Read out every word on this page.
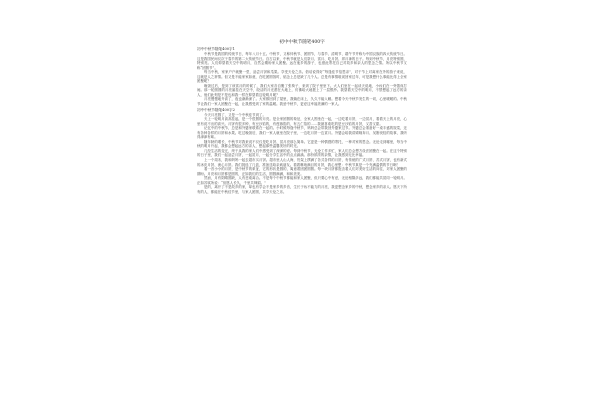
初中中秋节随笔400字
初中中秋节随笔400字1

中秋节是我国的传统节日，每年八月十五。中秋节，又称仲秋节、团圆节，与春节、清明节、端午节并称为中国汉族的四大传统节日。这是我国民间仅次于春节的第二大传统节日。自古以来，中秋节就是人们祭月、赏月、吃月饼、拜月神的日子。每到中秋节，月亮特别圆，特别亮。人们仰望着天空中的明月，自然会期盼家人团聚。远在他乡的游子，也借此寄托自己对故乡和亲人的思念之情。所以中秋节又称“团圆节”。

每当中秋，家家户户就聚一堂，品尝月饼和瓜果。享受天伦之乐。俗话说得好“每逢佳节倍思亲”，对于节上对离家在外的游子来说，这就是人之常情。但又是不能家家如意，在吃团圆饭时，惦念上总是缺了几个人。总是有事情耽误回家过年，可是我想什么事能比得上全家团聚呢？

晚饭过后，是到了该赏月的时候了，我们大家各自搬了张椅子，来到了院子里坐下。大人们坐在一起谈天说地，小孩们在一旁嬉戏打闹。那一轮圆圆的月亮悬挂在天空中，皎洁的月光洒在大地上，仿佛给大地披上了一层银纱。我望着天空中的明月，不禁想起了远方的亲人，他们此刻是不是也和我一样在仰望着这轮明月呢？

月亮慢慢地升高了，夜也渐渐深了。大家都回到了屋里，我躺在床上，久久不能入睡。想着今天中秋节发生的一切，心里暖暖的。中秋节让我们一家人团聚在一起，让我感受到了家的温暖。我爱中秋节，更爱这幸福美满的一家人。

初中中秋节随笔400字2

今天月亮圆了，又是一个中秋佳节到了。

天上一轮明月高高挂起，是一个很圆的月亮。是全家团圆的象征，全家人围坐在一起，一边吃着月饼，一边赏月，看着天上的月亮，心里有说不出的高兴。月饼有很多种，有豆沙馅的，有莲蓉馅的，有五仁馅的……我最喜欢吃的是豆沙馅的月饼，又香又甜。

记忆中的中秋节，总是和外婆家联系在一起的。小时候每逢中秋节，妈妈总会带我回外婆家过节。外婆总会准备好一桌丰盛的饭菜，还有各种各样的月饼和水果。吃过晚饭后，我们一家人就坐在院子里，一边吃月饼一边赏月。外婆会给我讲嫦娥奔月、吴刚伐桂的故事，我听得津津有味。

随年龄的增长，中秋节对我来说不仅仅是吃月饼、赏月亮那么简单。它更是一种情感的寄托，一种对家的思念。无论走到哪里，每当中秋的明月升起，我都会想起远方的亲人，想起那些温馨美好的时光。

几经生活的变迁，终于从我的家人们中感受到了深深的爱。每到中秋节，无论工作多忙，家人们总会想方设法团聚在一起。在这个特别的日子里，我们一起品尝月饼，一起赏月，一起分享生活中的点点滴滴。那份浓浓的亲情，让我感到无比幸福。

上一个周末，我和妈妈一起去超市买月饼。超市里人山人海，货架上摆满了各式各样的月饼，有传统的广式月饼、苏式月饼，也有新式的冰皮月饼、流心月饼。我们挑选了几盒，准备送给亲戚朋友。看着琳琅满目的月饼，我心里想：中秋节真是一个充满温情的节日啊！

看一首小小的月饼，是中秋节的象征，它的形状是圆的，寓意着团团圆圆。每一块月饼都饱含着人们对美好生活的向往，对家人团聚的期盼。月亮和月饼都是圆的，正如我们的生活，圆圆满满，和和美美。

然而，月有阴晴圆缺，人有悲欢离合。不是每个中秋节都能和家人团聚，但只要心中有爱，无论相隔多远，我们都能共赏同一轮明月。正如苏轼所说：“但愿人长久，千里共婵娟。”

是的，离开了不是故乡的家，却也有学会不是家乡的乡音，生长于孩不能力的月亮，我更想念家乡的中秋，想念家乡的亲人。愿天下所有的人，都能在中秋佳节里，与家人团圆，共享天伦之乐。
